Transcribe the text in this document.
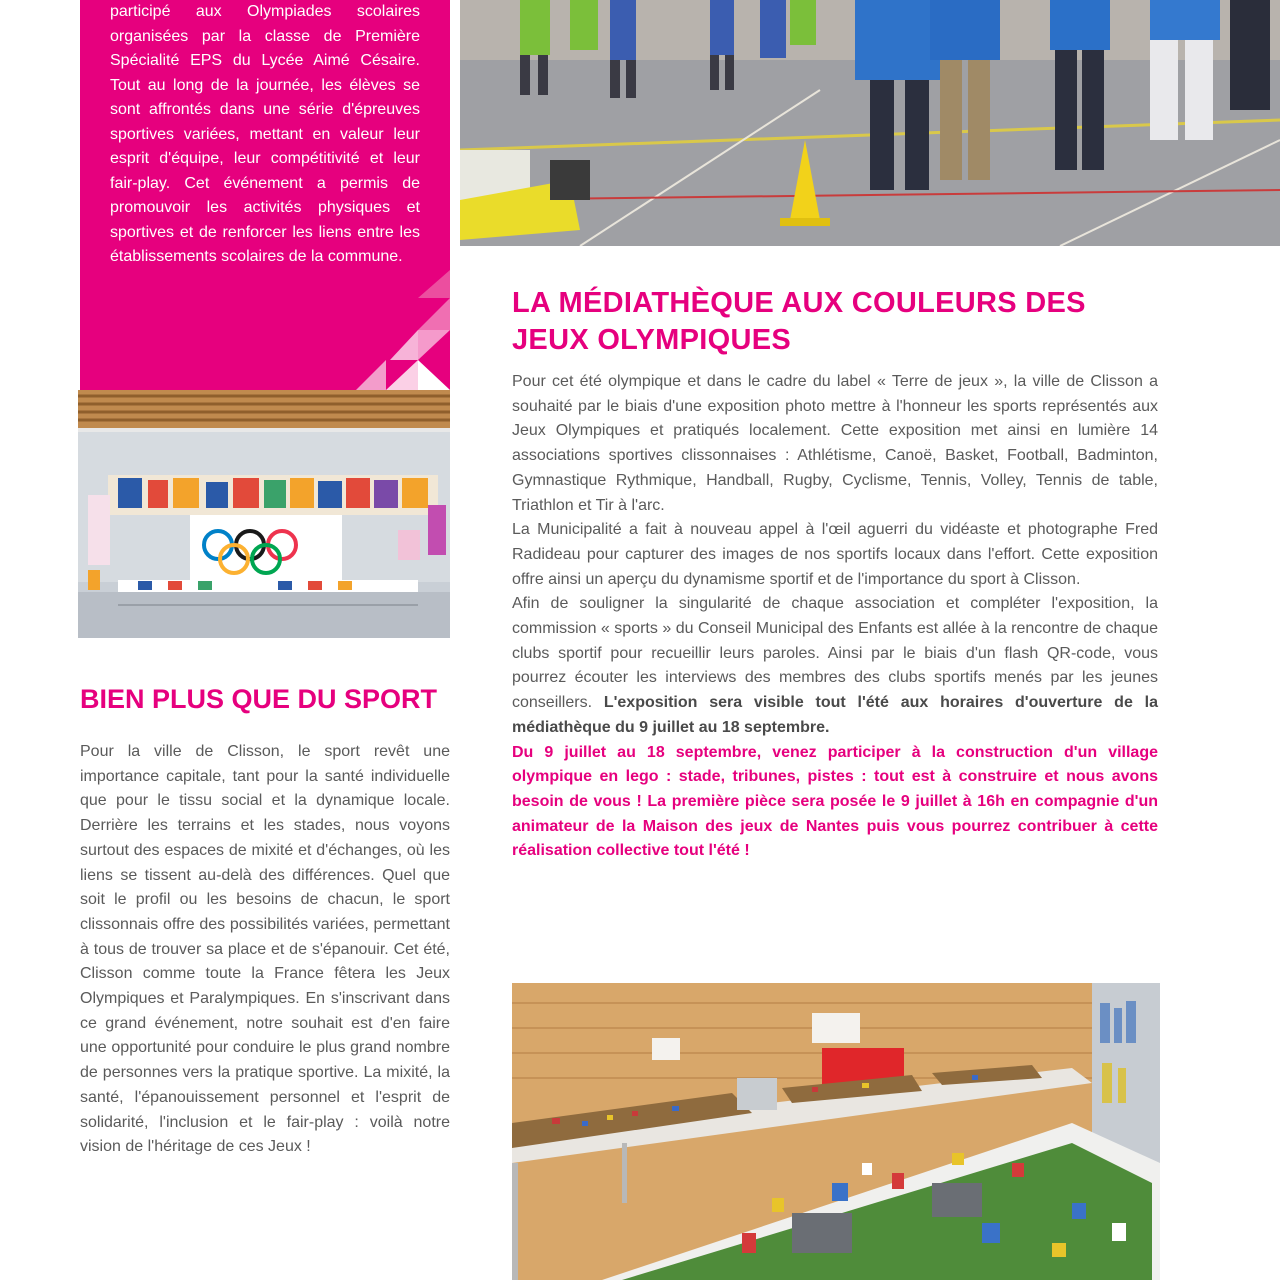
participé aux Olympiades scolaires organisées par la classe de Première Spécialité EPS du Lycée Aimé Césaire. Tout au long de la journée, les élèves se sont affrontés dans une série d'épreuves sportives variées, mettant en valeur leur esprit d'équipe, leur compétitivité et leur fair-play. Cet événement a permis de promouvoir les activités physiques et sportives et de renforcer les liens entre les établissements scolaires de la commune.

LA MÉDIATHÈQUE AUX COULEURS DES JEUX OLYMPIQUES
Pour cet été olympique et dans le cadre du label « Terre de jeux », la ville de Clisson a souhaité par le biais d'une exposition photo mettre à l'honneur les sports représentés aux Jeux Olympiques et pratiqués localement. Cette exposition met ainsi en lumière 14 associations sportives clissonnaises : Athlétisme, Canoë, Basket, Football, Badminton, Gymnastique Rythmique, Handball, Rugby, Cyclisme, Tennis, Volley, Tennis de table, Triathlon et Tir à l'arc.
La Municipalité a fait à nouveau appel à l'œil aguerri du vidéaste et photographe Fred Radideau pour capturer des images de nos sportifs locaux dans l'effort. Cette exposition offre ainsi un aperçu du dynamisme sportif et de l'importance du sport à Clisson.
Afin de souligner la singularité de chaque association et compléter l'exposition, la commission « sports » du Conseil Municipal des Enfants est allée à la rencontre de chaque clubs sportif pour recueillir leurs paroles. Ainsi par le biais d'un flash QR-code, vous pourrez écouter les interviews des membres des clubs sportifs menés par les jeunes conseillers. L'exposition sera visible tout l'été aux horaires d'ouverture de la médiathèque du 9 juillet au 18 septembre.
Du 9 juillet au 18 septembre, venez participer à la construction d'un village olympique en lego : stade, tribunes, pistes : tout est à construire et nous avons besoin de vous ! La première pièce sera posée le 9 juillet à 16h en compagnie d'un animateur de la Maison des jeux de Nantes puis vous pourrez contribuer à cette réalisation collective tout l'été !
BIEN PLUS QUE DU SPORT

Pour la ville de Clisson, le sport revêt une importance capitale, tant pour la santé individuelle que pour le tissu social et la dynamique locale. Derrière les terrains et les stades, nous voyons surtout des espaces de mixité et d'échanges, où les liens se tissent au-delà des différences. Quel que soit le profil ou les besoins de chacun, le sport clissonnais offre des possibilités variées, permettant à tous de trouver sa place et de s'épanouir. Cet été, Clisson comme toute la France fêtera les Jeux Olympiques et Paralympiques. En s'inscrivant dans ce grand événement, notre souhait est d'en faire une opportunité pour conduire le plus grand nombre de personnes vers la pratique sportive. La mixité, la santé, l'épanouissement personnel et l'esprit de solidarité, l'inclusion et le fair-play : voilà notre vision de l'héritage de ces Jeux !
